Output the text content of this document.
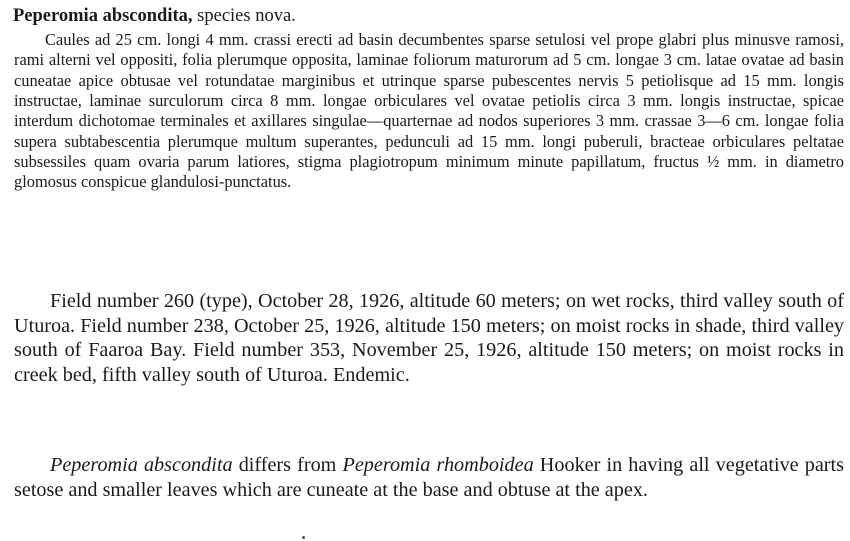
Peperomia abscondita, species nova.

Caules ad 25 cm. longi 4 mm. crassi erecti ad basin decumbentes sparse setulosi vel prope glabri plus minusve ramosi, rami alterni vel oppositi, folia plerumque opposita, laminae foliorum maturorum ad 5 cm. longae 3 cm. latae ovatae ad basin cuneatae apice obtusae vel rotundatae marginibus et utrinque sparse pubescentes nervis 5 petiolisque ad 15 mm. longis instructae, laminae surculorum circa 8 mm. longae orbiculares vel ovatae petiolis circa 3 mm. longis instructae, spicae interdum dichotomae terminales et axillares singulae—quarternae ad nodos superiores 3 mm. crassae 3—6 cm. longae folia supera subtabescentia plerumque multum superantes, pedunculi ad 15 mm. longi puberuli, bracteae orbiculares peltatae subsessiles quam ovaria parum latiores, stigma plagiotropum minimum minute papillatum, fructus ½ mm. in diametro glomosus conspicue glandulosi-punctatus.

Field number 260 (type), October 28, 1926, altitude 60 meters; on wet rocks, third valley south of Uturoa. Field number 238, October 25, 1926, altitude 150 meters; on moist rocks in shade, third valley south of Faaroa Bay. Field number 353, November 25, 1926, altitude 150 meters; on moist rocks in creek bed, fifth valley south of Uturoa. Endemic.

Peperomia abscondita differs from Peperomia rhomboidea Hooker in having all vegetative parts setose and smaller leaves which are cuneate at the base and obtuse at the apex.
